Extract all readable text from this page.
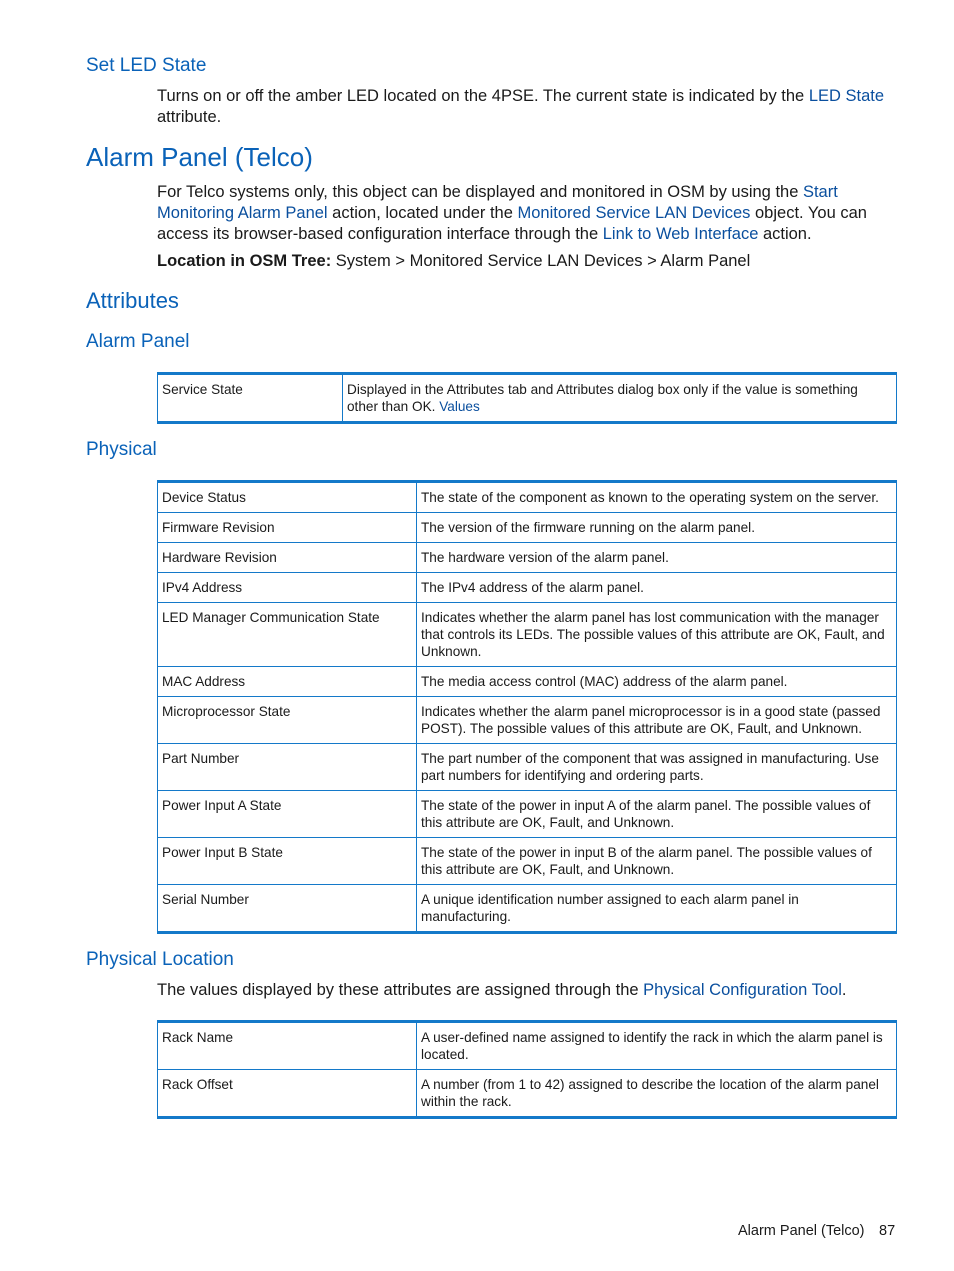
Set LED State
Turns on or off the amber LED located on the 4PSE. The current state is indicated by the LED State attribute.
Alarm Panel (Telco)
For Telco systems only, this object can be displayed and monitored in OSM by using the Start Monitoring Alarm Panel action, located under the Monitored Service LAN Devices object. You can access its browser-based configuration interface through the Link to Web Interface action.
Location in OSM Tree: System > Monitored Service LAN Devices > Alarm Panel
Attributes
Alarm Panel
Service State	Displayed in the Attributes tab and Attributes dialog box only if the value is something other than OK. Values
Physical
Device Status	The state of the component as known to the operating system on the server.
Firmware Revision	The version of the firmware running on the alarm panel.
Hardware Revision	The hardware version of the alarm panel.
IPv4 Address	The IPv4 address of the alarm panel.
LED Manager Communication State	Indicates whether the alarm panel has lost communication with the manager that controls its LEDs. The possible values of this attribute are OK, Fault, and Unknown.
MAC Address	The media access control (MAC) address of the alarm panel.
Microprocessor State	Indicates whether the alarm panel microprocessor is in a good state (passed POST). The possible values of this attribute are OK, Fault, and Unknown.
Part Number	The part number of the component that was assigned in manufacturing. Use part numbers for identifying and ordering parts.
Power Input A State	The state of the power in input A of the alarm panel. The possible values of this attribute are OK, Fault, and Unknown.
Power Input B State	The state of the power in input B of the alarm panel. The possible values of this attribute are OK, Fault, and Unknown.
Serial Number	A unique identification number assigned to each alarm panel in manufacturing.
Physical Location
The values displayed by these attributes are assigned through the Physical Configuration Tool.
Rack Name	A user-defined name assigned to identify the rack in which the alarm panel is located.
Rack Offset	A number (from 1 to 42) assigned to describe the location of the alarm panel within the rack.
Alarm Panel (Telco) 87
